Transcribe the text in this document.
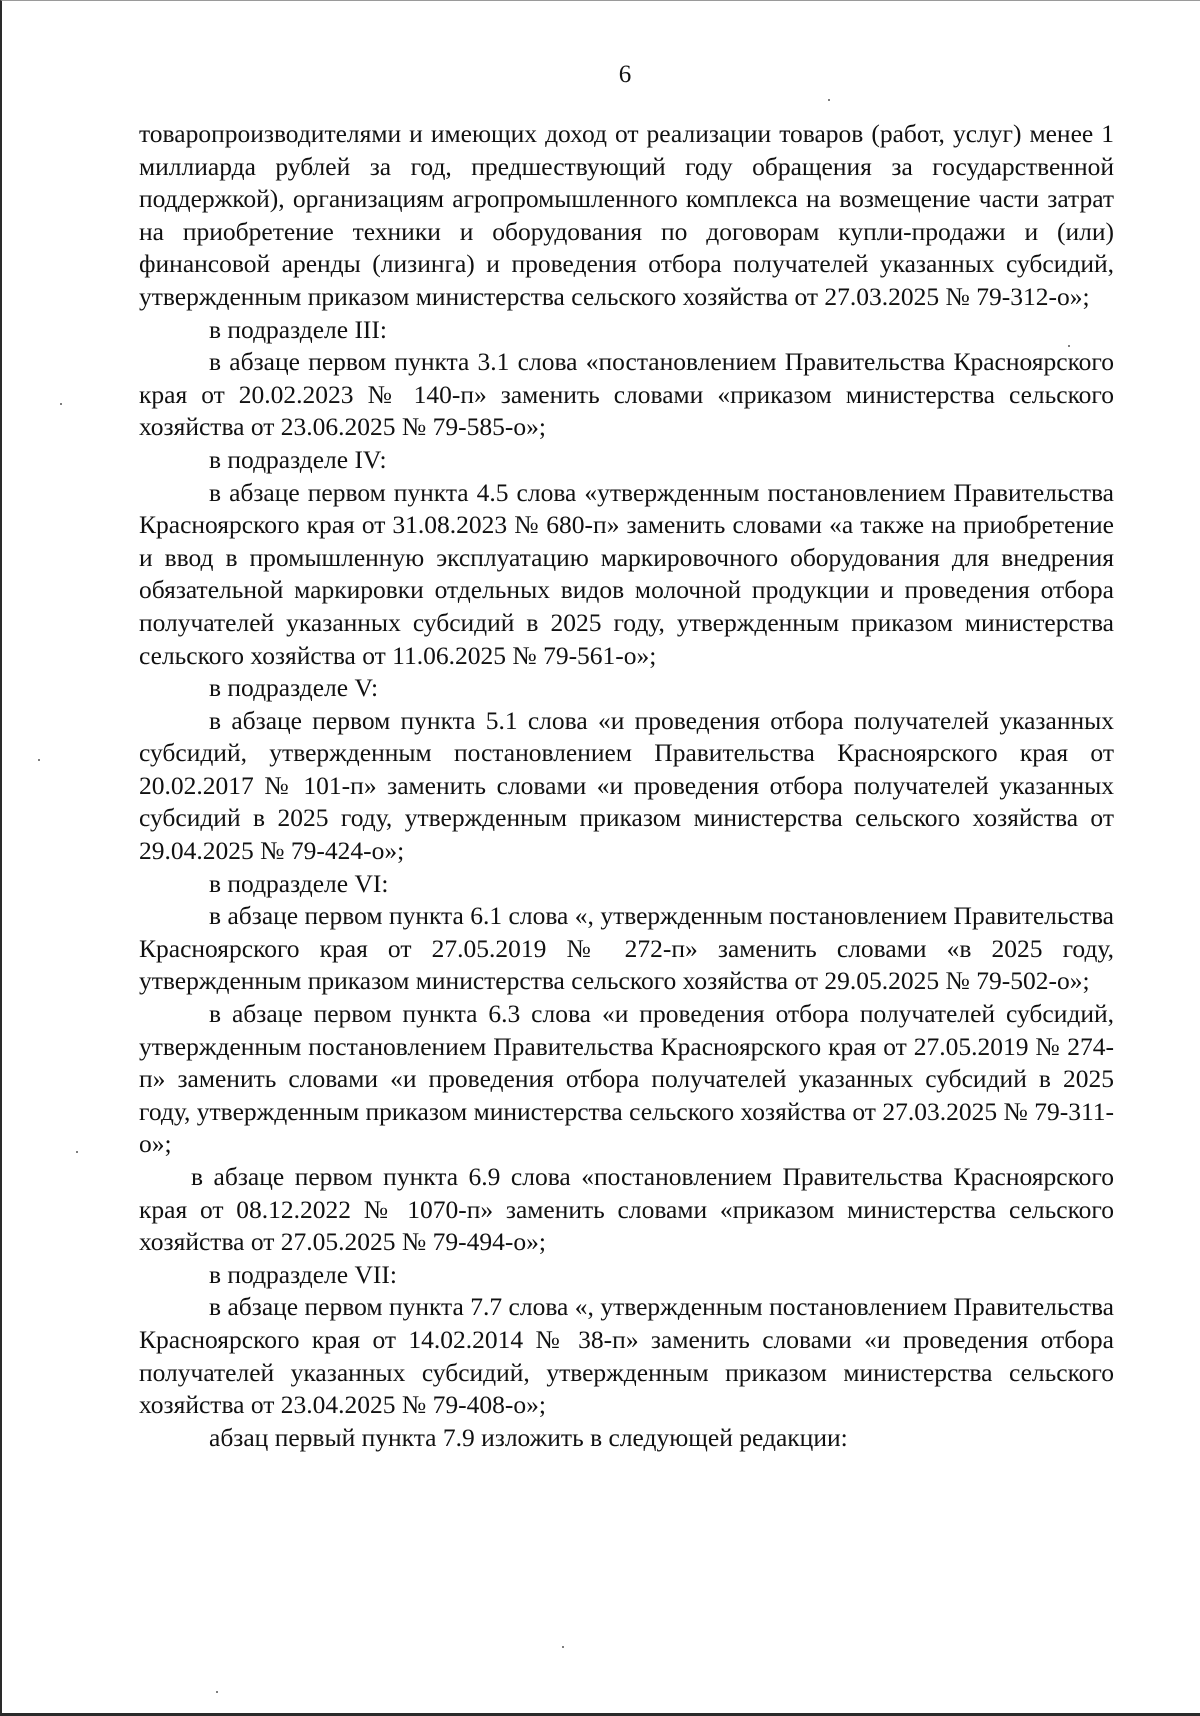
6

товаропроизводителями и имеющих доход от реализации товаров (работ, услуг) менее 1 миллиарда рублей за год, предшествующий году обращения за государственной поддержкой), организациям агропромышленного комплекса на возмещение части затрат на приобретение техники и оборудования по договорам купли-продажи и (или) финансовой аренды (лизинга) и проведения отбора получателей указанных субсидий, утвержденным приказом министерства сельского хозяйства от 27.03.2025 № 79-312-о»;

в подразделе III:

в абзаце первом пункта 3.1 слова «постановлением Правительства Красноярского края от 20.02.2023 № 140-п» заменить словами «приказом министерства сельского хозяйства от 23.06.2025 № 79-585-о»;

в подразделе IV:

в абзаце первом пункта 4.5 слова «утвержденным постановлением Правительства Красноярского края от 31.08.2023 № 680-п» заменить словами «а также на приобретение и ввод в промышленную эксплуатацию маркировочного оборудования для внедрения обязательной маркировки отдельных видов молочной продукции и проведения отбора получателей указанных субсидий в 2025 году, утвержденным приказом министерства сельского хозяйства от 11.06.2025 № 79-561-о»;

в подразделе V:

в абзаце первом пункта 5.1 слова «и проведения отбора получателей указанных субсидий, утвержденным постановлением Правительства Красноярского края от 20.02.2017 № 101-п» заменить словами «и проведения отбора получателей указанных субсидий в 2025 году, утвержденным приказом министерства сельского хозяйства от 29.04.2025 № 79-424-о»;

в подразделе VI:

в абзаце первом пункта 6.1 слова «, утвержденным постановлением Правительства Красноярского края от 27.05.2019 № 272-п» заменить словами «в 2025 году, утвержденным приказом министерства сельского хозяйства от 29.05.2025 № 79-502-о»;

в абзаце первом пункта 6.3 слова «и проведения отбора получателей субсидий, утвержденным постановлением Правительства Красноярского края от 27.05.2019 № 274-п» заменить словами «и проведения отбора получателей указанных субсидий в 2025 году, утвержденным приказом министерства сельского хозяйства от 27.03.2025 № 79-311-о»;

в абзаце первом пункта 6.9 слова «постановлением Правительства Красноярского края от 08.12.2022 № 1070-п» заменить словами «приказом министерства сельского хозяйства от 27.05.2025 № 79-494-о»;

в подразделе VII:

в абзаце первом пункта 7.7 слова «, утвержденным постановлением Правительства Красноярского края от 14.02.2014 № 38-п» заменить словами «и проведения отбора получателей указанных субсидий, утвержденным приказом министерства сельского хозяйства от 23.04.2025 № 79-408-о»;

абзац первый пункта 7.9 изложить в следующей редакции:
